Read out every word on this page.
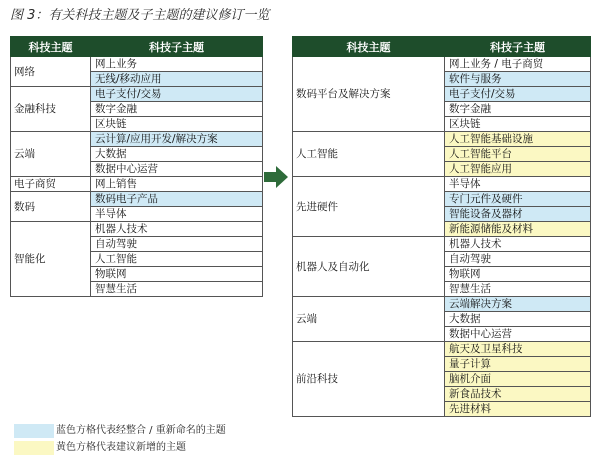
图 3：有关科技主题及子主题的建议修订一览
科技主题	科技子主题
网络	网上业务
	无线/移动应用
金融科技	电子支付/交易
	数字金融
	区块链
云端	云计算/应用开发/解决方案
	大数据
	数据中心运营
电子商贸	网上销售
数码	数码电子产品
	半导体
智能化	机器人技术
	自动驾驶
	人工智能
	物联网
	智慧生活
科技主题	科技子主题
数码平台及解决方案	网上业务 / 电子商贸
	软件与服务
	电子支付/交易
	数字金融
	区块链
人工智能	人工智能基础设施
	人工智能平台
	人工智能应用
先进硬件	半导体
	专门元件及硬件
	智能设备及器材
	新能源储能及材料
机器人及自动化	机器人技术
	自动驾驶
	物联网
	智慧生活
云端	云端解决方案
	大数据
	数据中心运营
前沿科技	航天及卫星科技
	量子计算
	脑机介面
	新食品技术
	先进材料
蓝色方格代表经整合 / 重新命名的主题
黄色方格代表建议新增的主题
